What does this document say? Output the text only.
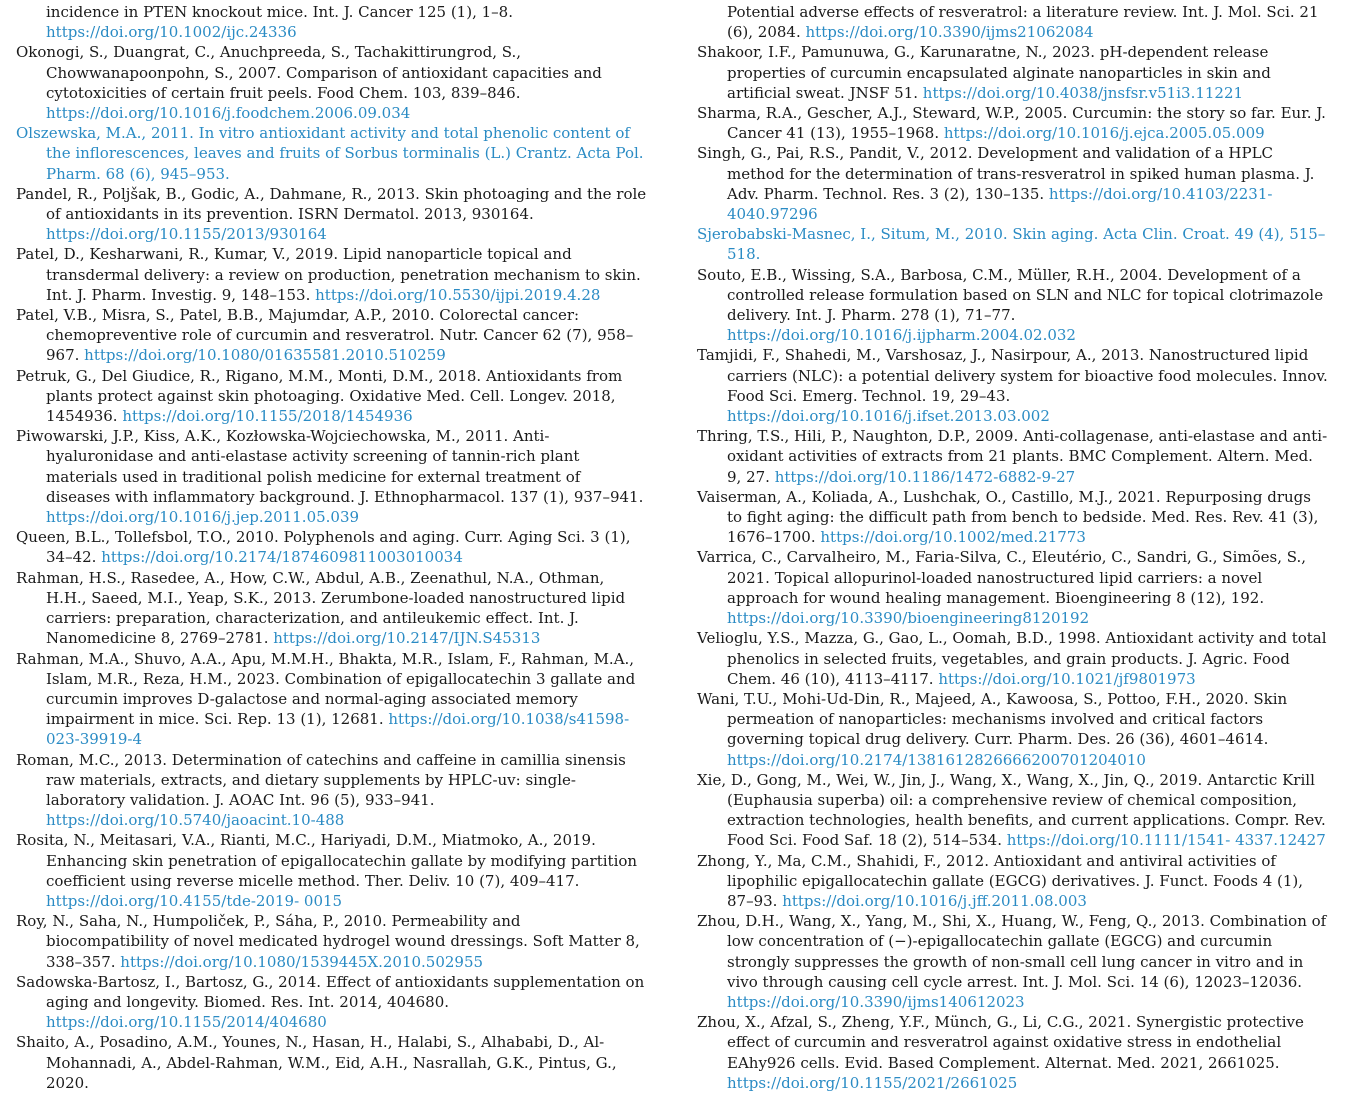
incidence in PTEN knockout mice. Int. J. Cancer 125 (1), 1–8. https://doi.org/10.1002/ijc.24336
Okonogi, S., Duangrat, C., Anuchpreeda, S., Tachakittirungrod, S., Chowwanapoonpohn, S., 2007. Comparison of antioxidant capacities and cytotoxicities of certain fruit peels. Food Chem. 103, 839–846. https://doi.org/10.1016/j.foodchem.2006.09.034
Olszewska, M.A., 2011. In vitro antioxidant activity and total phenolic content of the inflorescences, leaves and fruits of Sorbus torminalis (L.) Crantz. Acta Pol. Pharm. 68 (6), 945–953.
Pandel, R., Poljšak, B., Godic, A., Dahmane, R., 2013. Skin photoaging and the role of antioxidants in its prevention. ISRN Dermatol. 2013, 930164. https://doi.org/10.1155/2013/930164
Patel, D., Kesharwani, R., Kumar, V., 2019. Lipid nanoparticle topical and transdermal delivery: a review on production, penetration mechanism to skin. Int. J. Pharm. Investig. 9, 148–153. https://doi.org/10.5530/ijpi.2019.4.28
Patel, V.B., Misra, S., Patel, B.B., Majumdar, A.P., 2010. Colorectal cancer: chemopreventive role of curcumin and resveratrol. Nutr. Cancer 62 (7), 958–967. https://doi.org/10.1080/01635581.2010.510259
Petruk, G., Del Giudice, R., Rigano, M.M., Monti, D.M., 2018. Antioxidants from plants protect against skin photoaging. Oxidative Med. Cell. Longev. 2018, 1454936. https://doi.org/10.1155/2018/1454936
Piwowarski, J.P., Kiss, A.K., Kozłowska-Wojciechowska, M., 2011. Anti-hyaluronidase and anti-elastase activity screening of tannin-rich plant materials used in traditional polish medicine for external treatment of diseases with inflammatory background. J. Ethnopharmacol. 137 (1), 937–941. https://doi.org/10.1016/j.jep.2011.05.039
Queen, B.L., Tollefsbol, T.O., 2010. Polyphenols and aging. Curr. Aging Sci. 3 (1), 34–42. https://doi.org/10.2174/1874609811003010034
Rahman, H.S., Rasedee, A., How, C.W., Abdul, A.B., Zeenathul, N.A., Othman, H.H., Saeed, M.I., Yeap, S.K., 2013. Zerumbone-loaded nanostructured lipid carriers: preparation, characterization, and antileukemic effect. Int. J. Nanomedicine 8, 2769–2781. https://doi.org/10.2147/IJN.S45313
Rahman, M.A., Shuvo, A.A., Apu, M.M.H., Bhakta, M.R., Islam, F., Rahman, M.A., Islam, M.R., Reza, H.M., 2023. Combination of epigallocatechin 3 gallate and curcumin improves D-galactose and normal-aging associated memory impairment in mice. Sci. Rep. 13 (1), 12681. https://doi.org/10.1038/s41598-023-39919-4
Roman, M.C., 2013. Determination of catechins and caffeine in camillia sinensis raw materials, extracts, and dietary supplements by HPLC-uv: single-laboratory validation. J. AOAC Int. 96 (5), 933–941. https://doi.org/10.5740/jaoacint.10-488
Rosita, N., Meitasari, V.A., Rianti, M.C., Hariyadi, D.M., Miatmoko, A., 2019. Enhancing skin penetration of epigallocatechin gallate by modifying partition coefficient using reverse micelle method. Ther. Deliv. 10 (7), 409–417. https://doi.org/10.4155/tde-2019- 0015
Roy, N., Saha, N., Humpoliček, P., Sáha, P., 2010. Permeability and biocompatibility of novel medicated hydrogel wound dressings. Soft Matter 8, 338–357. https://doi.org/10.1080/1539445X.2010.502955
Sadowska-Bartosz, I., Bartosz, G., 2014. Effect of antioxidants supplementation on aging and longevity. Biomed. Res. Int. 2014, 404680. https://doi.org/10.1155/2014/404680
Shaito, A., Posadino, A.M., Younes, N., Hasan, H., Halabi, S., Alhababi, D., Al-Mohannadi, A., Abdel-Rahman, W.M., Eid, A.H., Nasrallah, G.K., Pintus, G., 2020.
Potential adverse effects of resveratrol: a literature review. Int. J. Mol. Sci. 21 (6), 2084. https://doi.org/10.3390/ijms21062084
Shakoor, I.F., Pamunuwa, G., Karunaratne, N., 2023. pH-dependent release properties of curcumin encapsulated alginate nanoparticles in skin and artificial sweat. JNSF 51. https://doi.org/10.4038/jnsfsr.v51i3.11221
Sharma, R.A., Gescher, A.J., Steward, W.P., 2005. Curcumin: the story so far. Eur. J. Cancer 41 (13), 1955–1968. https://doi.org/10.1016/j.ejca.2005.05.009
Singh, G., Pai, R.S., Pandit, V., 2012. Development and validation of a HPLC method for the determination of trans-resveratrol in spiked human plasma. J. Adv. Pharm. Technol. Res. 3 (2), 130–135. https://doi.org/10.4103/2231-4040.97296
Sjerobabski-Masnec, I., Situm, M., 2010. Skin aging. Acta Clin. Croat. 49 (4), 515–518.
Souto, E.B., Wissing, S.A., Barbosa, C.M., Müller, R.H., 2004. Development of a controlled release formulation based on SLN and NLC for topical clotrimazole delivery. Int. J. Pharm. 278 (1), 71–77. https://doi.org/10.1016/j.ijpharm.2004.02.032
Tamjidi, F., Shahedi, M., Varshosaz, J., Nasirpour, A., 2013. Nanostructured lipid carriers (NLC): a potential delivery system for bioactive food molecules. Innov. Food Sci. Emerg. Technol. 19, 29–43. https://doi.org/10.1016/j.ifset.2013.03.002
Thring, T.S., Hili, P., Naughton, D.P., 2009. Anti-collagenase, anti-elastase and anti-oxidant activities of extracts from 21 plants. BMC Complement. Altern. Med. 9, 27. https://doi.org/10.1186/1472-6882-9-27
Vaiserman, A., Koliada, A., Lushchak, O., Castillo, M.J., 2021. Repurposing drugs to fight aging: the difficult path from bench to bedside. Med. Res. Rev. 41 (3), 1676–1700. https://doi.org/10.1002/med.21773
Varrica, C., Carvalheiro, M., Faria-Silva, C., Eleutério, C., Sandri, G., Simões, S., 2021. Topical allopurinol-loaded nanostructured lipid carriers: a novel approach for wound healing management. Bioengineering 8 (12), 192. https://doi.org/10.3390/bioengineering8120192
Velioglu, Y.S., Mazza, G., Gao, L., Oomah, B.D., 1998. Antioxidant activity and total phenolics in selected fruits, vegetables, and grain products. J. Agric. Food Chem. 46 (10), 4113–4117. https://doi.org/10.1021/jf9801973
Wani, T.U., Mohi-Ud-Din, R., Majeed, A., Kawoosa, S., Pottoo, F.H., 2020. Skin permeation of nanoparticles: mechanisms involved and critical factors governing topical drug delivery. Curr. Pharm. Des. 26 (36), 4601–4614. https://doi.org/10.2174/1381612826666200701204010
Xie, D., Gong, M., Wei, W., Jin, J., Wang, X., Wang, X., Jin, Q., 2019. Antarctic Krill (Euphausia superba) oil: a comprehensive review of chemical composition, extraction technologies, health benefits, and current applications. Compr. Rev. Food Sci. Food Saf. 18 (2), 514–534. https://doi.org/10.1111/1541- 4337.12427
Zhong, Y., Ma, C.M., Shahidi, F., 2012. Antioxidant and antiviral activities of lipophilic epigallocatechin gallate (EGCG) derivatives. J. Funct. Foods 4 (1), 87–93. https://doi.org/10.1016/j.jff.2011.08.003
Zhou, D.H., Wang, X., Yang, M., Shi, X., Huang, W., Feng, Q., 2013. Combination of low concentration of (−)-epigallocatechin gallate (EGCG) and curcumin strongly suppresses the growth of non-small cell lung cancer in vitro and in vivo through causing cell cycle arrest. Int. J. Mol. Sci. 14 (6), 12023–12036. https://doi.org/10.3390/ijms140612023
Zhou, X., Afzal, S., Zheng, Y.F., Münch, G., Li, C.G., 2021. Synergistic protective effect of curcumin and resveratrol against oxidative stress in endothelial EAhy926 cells. Evid. Based Complement. Alternat. Med. 2021, 2661025. https://doi.org/10.1155/2021/2661025
